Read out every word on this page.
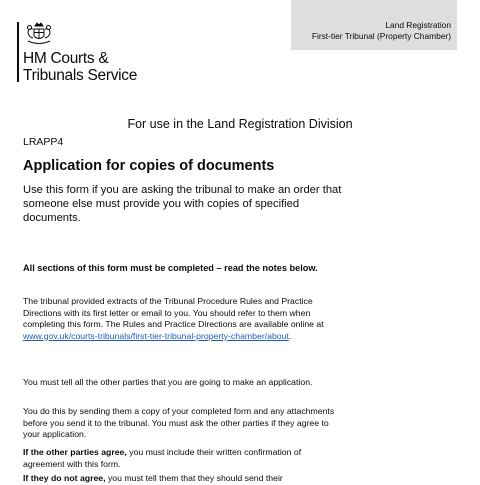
Land Registration
First-tier Tribunal (Property Chamber)
HM Courts &
Tribunals Service
For use in the Land Registration Division
LRAPP4
Application for copies of documents

Use this form if you are asking the tribunal to make an order that someone else must provide you with copies of specified documents.

All sections of this form must be completed – read the notes below.

The tribunal provided extracts of the Tribunal Procedure Rules and Practice Directions with its first letter or email to you. You should refer to them when completing this form. The Rules and Practice Directions are available online at www.gov.uk/courts-tribunals/first-tier-tribunal-property-chamber/about.

You must tell all the other parties that you are going to make an application.

You do this by sending them a copy of your completed form and any attachments before you send it to the tribunal. You must ask the other parties if they agree to your application.

If the other parties agree, you must include their written confirmation of agreement with this form.

If they do not agree, you must tell them that they should send their
